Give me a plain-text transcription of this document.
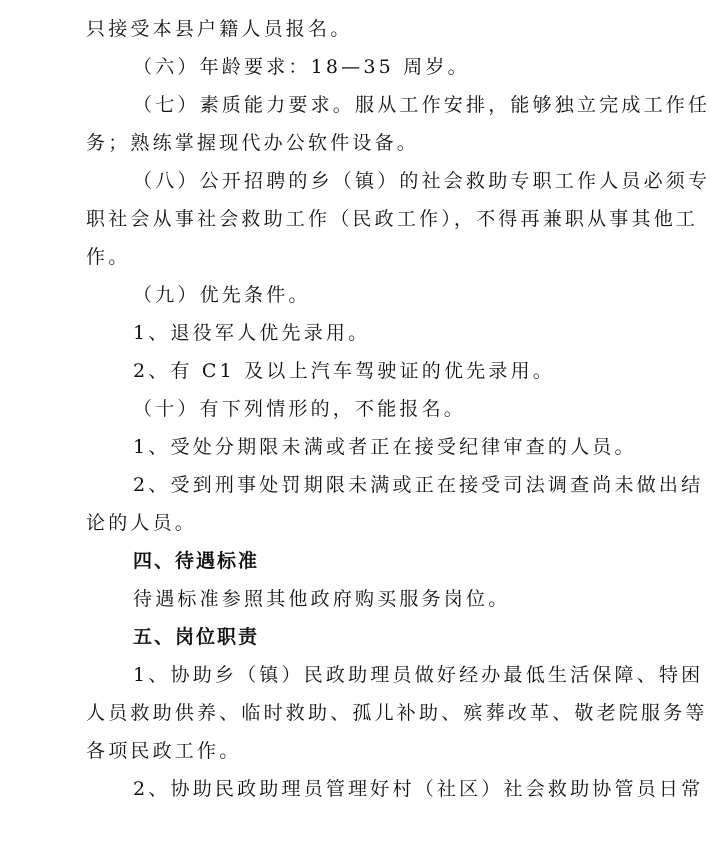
只接受本县户籍人员报名。
（六）年龄要求：18—35 周岁。
（七）素质能力要求。服从工作安排，能够独立完成工作任
务；熟练掌握现代办公软件设备。
（八）公开招聘的乡（镇）的社会救助专职工作人员必须专
职社会从事社会救助工作（民政工作），不得再兼职从事其他工
作。
（九）优先条件。
1、退役军人优先录用。
2、有 C1 及以上汽车驾驶证的优先录用。
（十）有下列情形的，不能报名。
1、受处分期限未满或者正在接受纪律审查的人员。
2、受到刑事处罚期限未满或正在接受司法调查尚未做出结
论的人员。
四、待遇标准
待遇标准参照其他政府购买服务岗位。
五、岗位职责
1、协助乡（镇）民政助理员做好经办最低生活保障、特困
人员救助供养、临时救助、孤儿补助、殡葬改革、敬老院服务等
各项民政工作。
2、协助民政助理员管理好村（社区）社会救助协管员日常
